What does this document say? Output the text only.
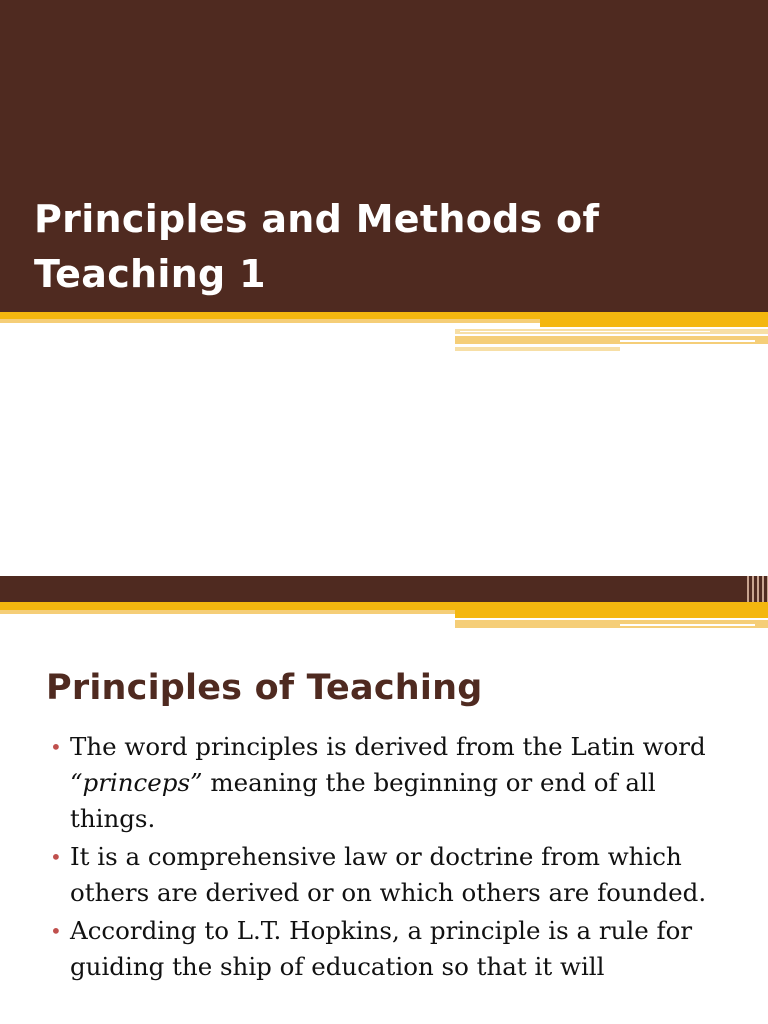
Principles and Methods of
Teaching 1
Principles of Teaching
• The word principles is derived from the Latin word “princeps” meaning the beginning or end of all things.
• It is a comprehensive law or doctrine from which others are derived or on which others are founded.
• According to L.T. Hopkins, a principle is a rule for guiding the ship of education so that it will
